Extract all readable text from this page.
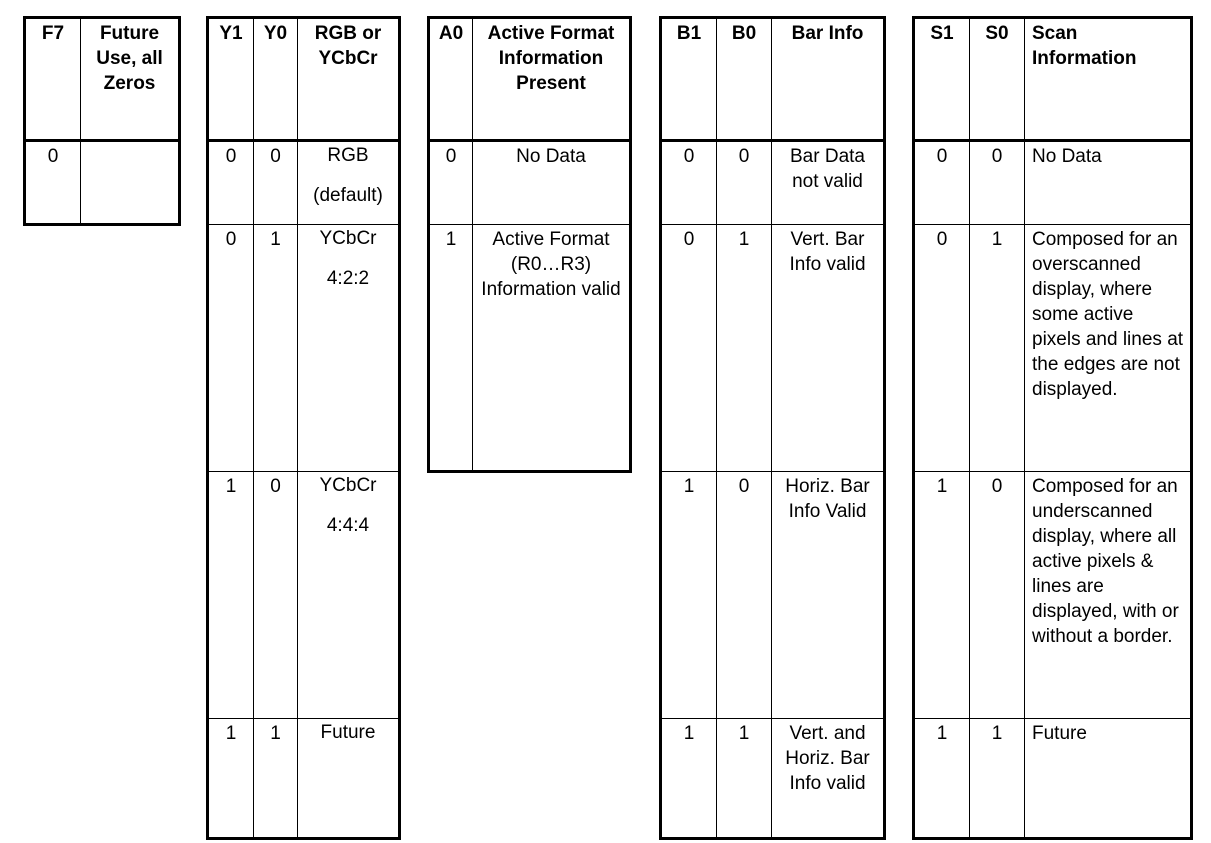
F7	Future Use, all Zeros
0	
Y1	Y0	RGB or YCbCr
0	0	RGB
(default)

0	1	YCbCr
4:2:2

1	0	YCbCr
4:4:4

1	1	Future
A0	Active Format Information Present
0	No Data
1	Active Format (R0…R3) Information valid
B1	B0	Bar Info
0	0	Bar Data not valid
0	1	Vert. Bar Info valid
1	0	Horiz. Bar Info Valid
1	1	Vert. and Horiz. Bar Info valid
S1	S0	Scan Information
0	0	No Data
0	1	Composed for an overscanned display, where some active pixels and lines at the edges are not displayed.
1	0	Composed for an underscanned display, where all active pixels & lines are displayed, with or without a border.
1	1	Future
